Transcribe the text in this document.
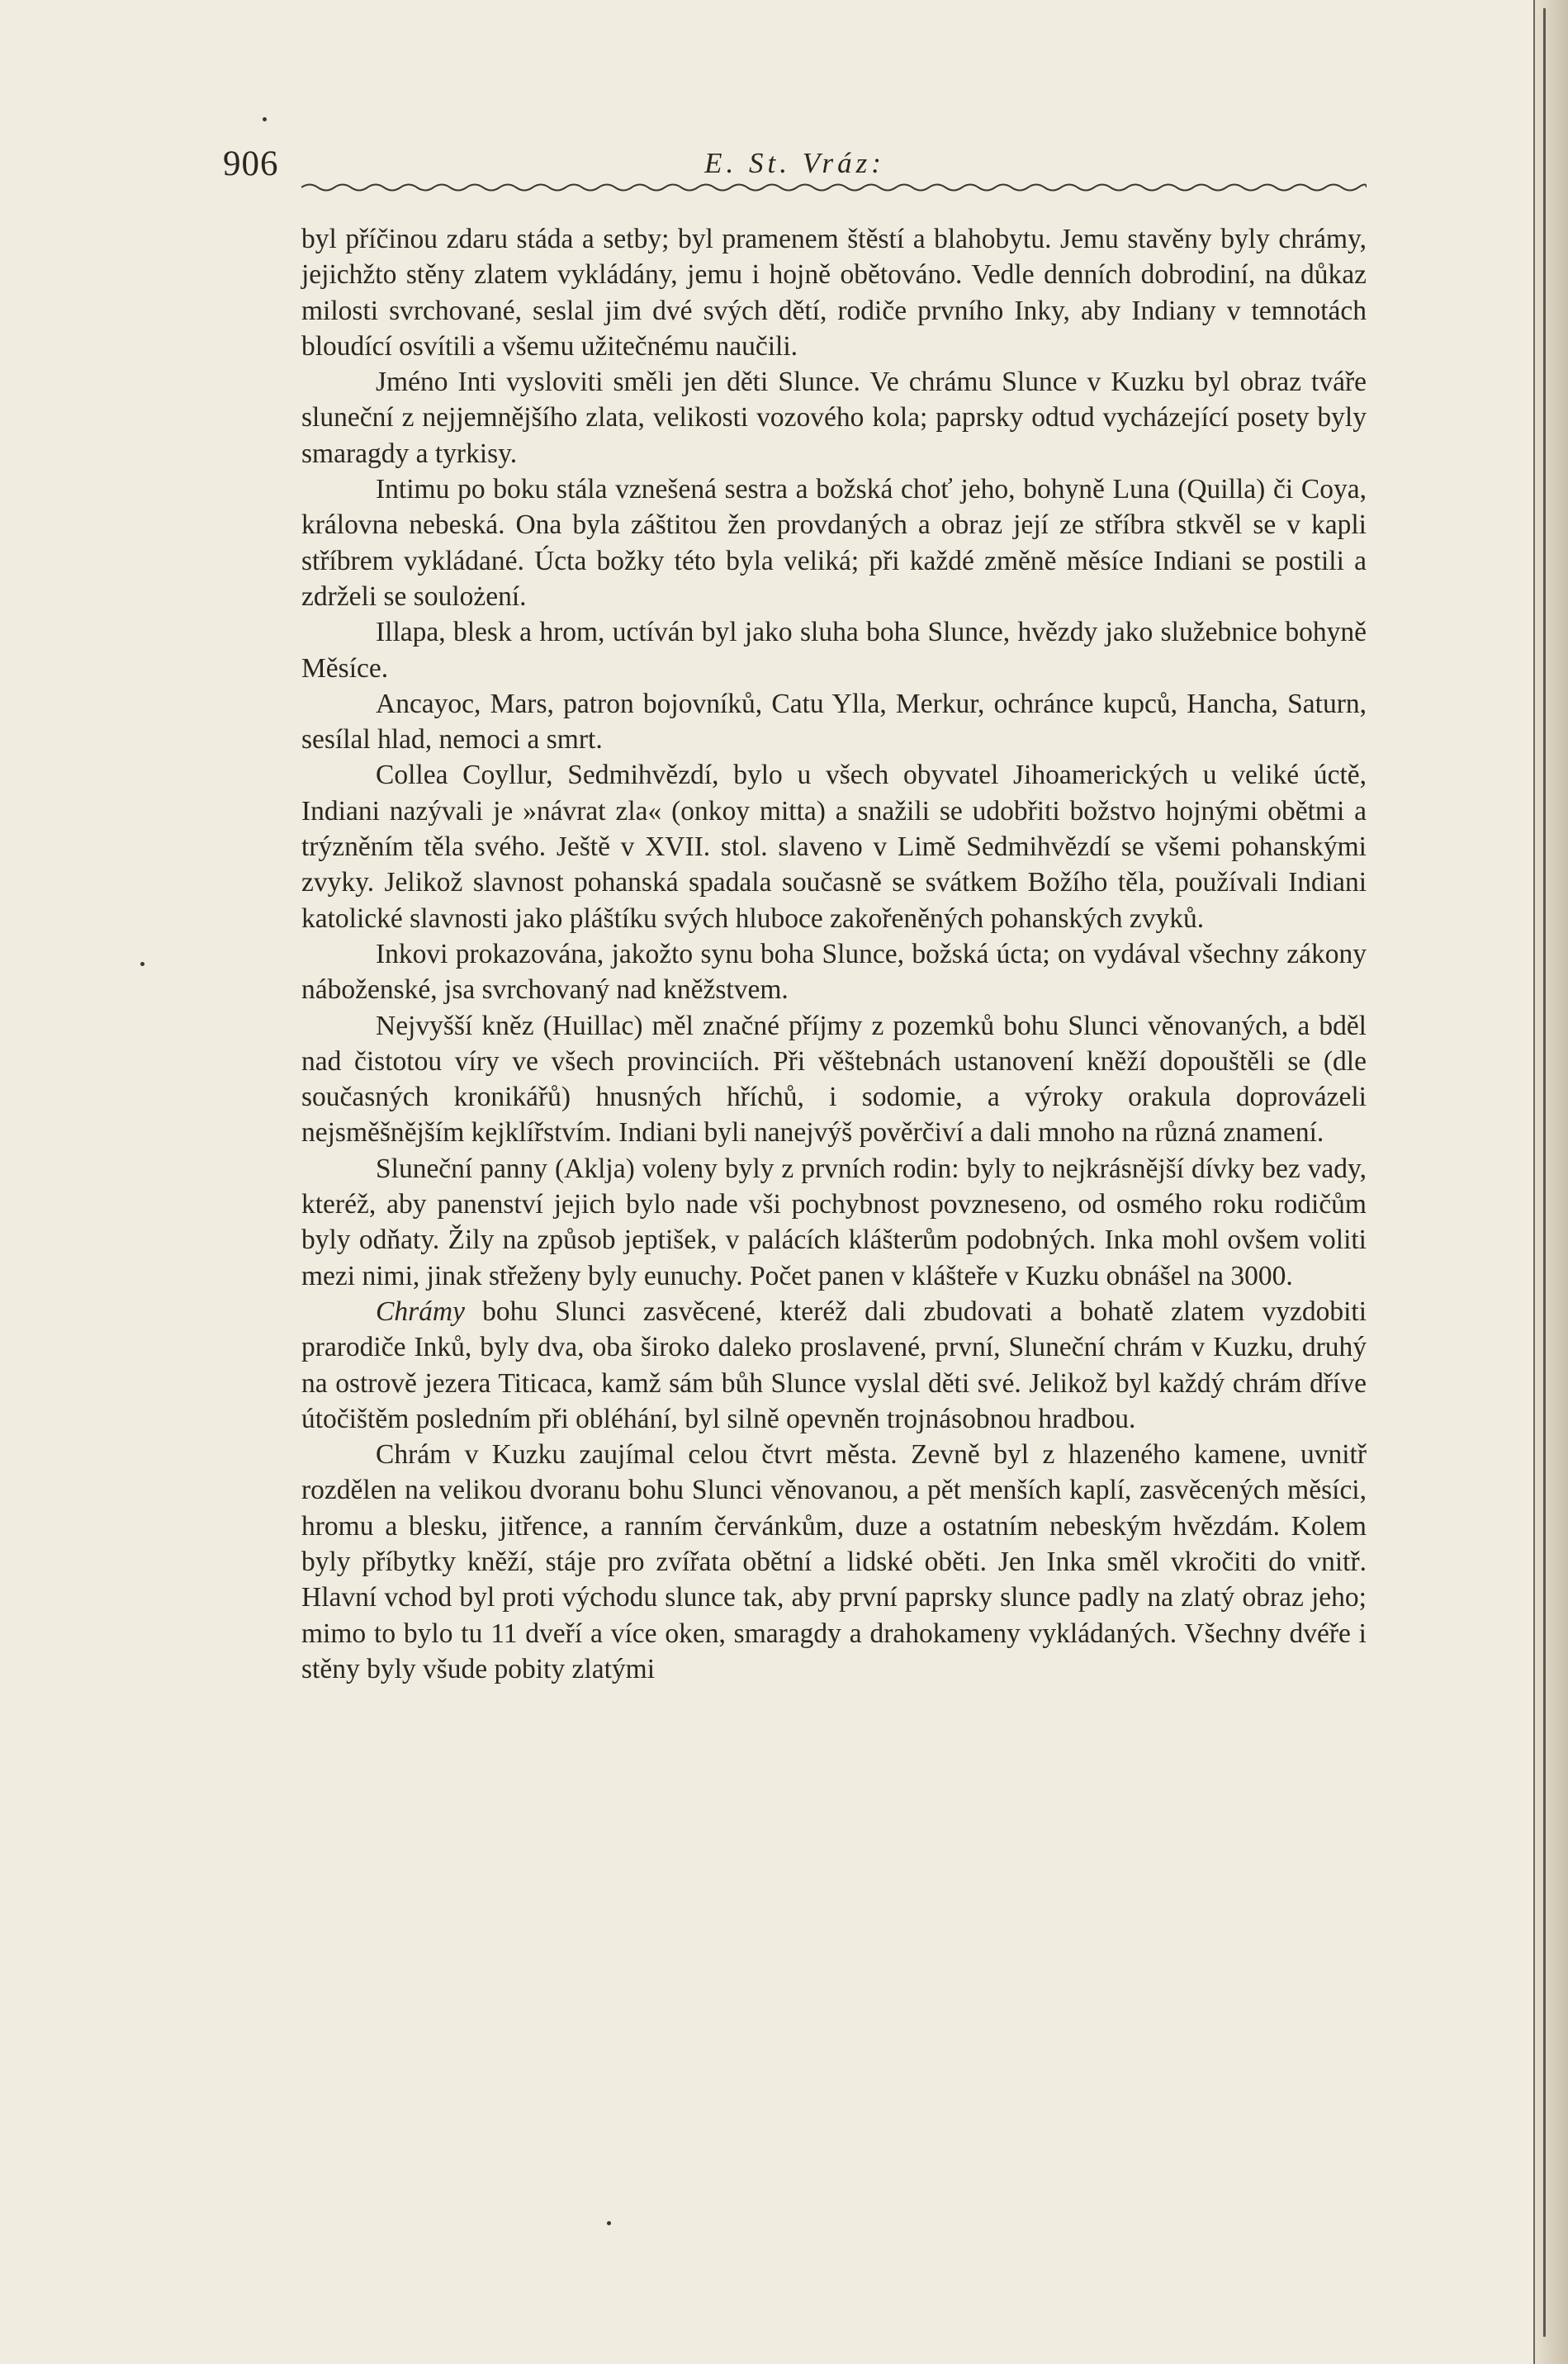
906	E. St. Vráz:

byl příčinou zdaru stáda a setby; byl pramenem štěstí a blahobytu. Jemu stavěny byly chrámy, jejichžto stěny zlatem vykládány, jemu i hojně obětováno. Vedle denních dobrodiní, na důkaz milosti svrchované, seslal jim dvé svých dětí, rodiče prvního Inky, aby Indiany v temnotách bloudící osvítili a všemu užitečnému naučili.

Jméno Inti vysloviti směli jen děti Slunce. Ve chrámu Slunce v Kuzku byl obraz tváře sluneční z nejjemnějšího zlata, velikosti vozového kola; paprsky odtud vycházející posety byly smaragdy a tyrkisy.

Intimu po boku stála vznešená sestra a božská choť jeho, bohyně Luna (Quilla) či Coya, královna nebeská. Ona byla záštitou žen provdaných a obraz její ze stříbra stkvěl se v kapli stříbrem vykládané. Úcta božky této byla veliká; při každé změně měsíce Indiani se postili a zdrželi se soulożení.

Illapa, blesk a hrom, uctíván byl jako sluha boha Slunce, hvězdy jako služebnice bohyně Měsíce.

Ancayoc, Mars, patron bojovníků, Catu Ylla, Merkur, ochránce kupců, Hancha, Saturn, sesílal hlad, nemoci a smrt.

Collea Coyllur, Sedmihvězdí, bylo u všech obyvatel Jihoamerických u veliké úctě, Indiani nazývali je »návrat zla« (onkoy mitta) a snažili se udobřiti božstvo hojnými obětmi a trýzněním těla svého. Ještě v XVII. stol. slaveno v Limě Sedmihvězdí se všemi pohanskými zvyky. Jelikož slavnost pohanská spadala současně se svátkem Božího těla, používali Indiani katolické slavnosti jako pláštíku svých hluboce zakořeněných pohanských zvyků.

Inkovi prokazována, jakožto synu boha Slunce, božská úcta; on vydával všechny zákony náboženské, jsa svrchovaný nad kněžstvem.

Nejvyšší kněz (Huillac) měl značné příjmy z pozemků bohu Slunci věnovaných, a bděl nad čistotou víry ve všech provinciích. Při věštebnách ustanovení kněží dopouštěli se (dle současných kronikářů) hnusných hříchů, i sodomie, a výroky orakula doprovázeli nejsměšnějším kejklířstvím. Indiani byli nanejvýš pověrčiví a dali mnoho na různá znamení.

Sluneční panny (Aklja) voleny byly z prvních rodin: byly to nejkrásnější dívky bez vady, kteréž, aby panenství jejich bylo nade vši pochybnost povzneseno, od osmého roku rodičům byly odňaty. Žily na způsob jeptišek, v palácích klášterům podobných. Inka mohl ovšem voliti mezi nimi, jinak střeženy byly eunuchy. Počet panen v klášteře v Kuzku obnášel na 3000.

Chrámy bohu Slunci zasvěcené, kteréž dali zbudovati a bohatě zlatem vyzdobiti prarodiče Inků, byly dva, oba široko daleko proslavené, první, Sluneční chrám v Kuzku, druhý na ostrově jezera Titicaca, kamž sám bůh Slunce vyslal děti své. Jelikož byl každý chrám dříve útočištěm posledním při obléhání, byl silně opevněn trojnásobnou hradbou.

Chrám v Kuzku zaujímal celou čtvrt města. Zevně byl z hlazeného kamene, uvnitř rozdělen na velikou dvoranu bohu Slunci věnovanou, a pět menších kaplí, zasvěcených měsíci, hromu a blesku, jitřence, a ranním červánkům, duze a ostatním nebeským hvězdám. Kolem byly příbytky kněží, stáje pro zvířata obětní a lidské oběti. Jen Inka směl vkročiti do vnitř. Hlavní vchod byl proti východu slunce tak, aby první paprsky slunce padly na zlatý obraz jeho; mimo to bylo tu 11 dveří a více oken, smaragdy a drahokameny vykládaných. Všechny dvéře i stěny byly všude pobity zlatými
